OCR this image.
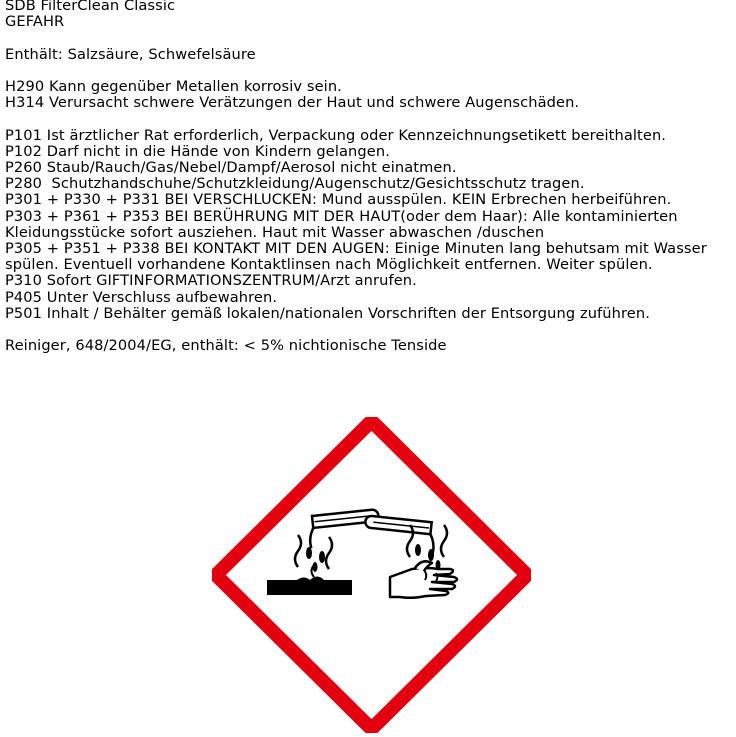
SDB FilterClean Classic
GEFAHR
Enthält: Salzsäure, Schwefelsäure
H290 Kann gegenüber Metallen korrosiv sein.
H314 Verursacht schwere Verätzungen der Haut und schwere Augenschäden.
P101 Ist ärztlicher Rat erforderlich, Verpackung oder Kennzeichnungsetikett bereithalten.
P102 Darf nicht in die Hände von Kindern gelangen.
P260 Staub/Rauch/Gas/Nebel/Dampf/Aerosol nicht einatmen.
P280  Schutzhandschuhe/Schutzkleidung/Augenschutz/Gesichtsschutz tragen.
P301 + P330 + P331 BEI VERSCHLUCKEN: Mund ausspülen. KEIN Erbrechen herbeiführen.
P303 + P361 + P353 BEI BERÜHRUNG MIT DER HAUT(oder dem Haar): Alle kontaminierten Kleidungsstücke sofort ausziehen. Haut mit Wasser abwaschen /duschen
P305 + P351 + P338 BEI KONTAKT MIT DEN AUGEN: Einige Minuten lang behutsam mit Wasser spülen. Eventuell vorhandene Kontaktlinsen nach Möglichkeit entfernen. Weiter spülen.
P310 Sofort GIFTINFORMATIONSZENTRUM/Arzt anrufen.
P405 Unter Verschluss aufbewahren.
P501 Inhalt / Behälter gemäß lokalen/nationalen Vorschriften der Entsorgung zuführen.
Reiniger, 648/2004/EG, enthält: < 5% nichtionische Tenside
